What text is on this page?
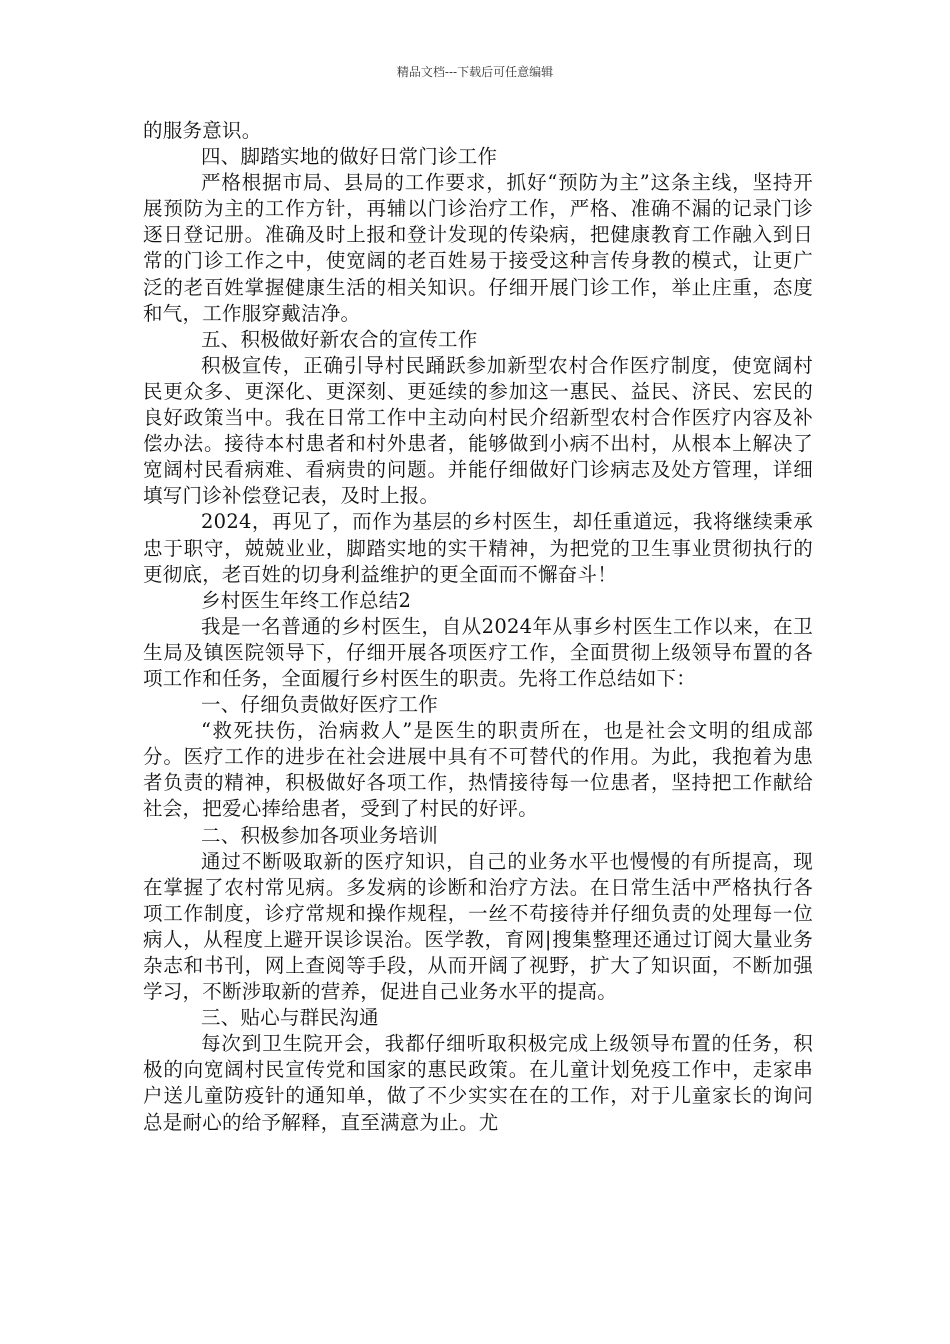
精品文档---下载后可任意编辑

的服务意识。

四、脚踏实地的做好日常门诊工作

严格根据市局、县局的工作要求，抓好“预防为主”这条主线，坚持开展预防为主的工作方针，再辅以门诊治疗工作，严格、准确不漏的记录门诊逐日登记册。准确及时上报和登计发现的传染病，把健康教育工作融入到日常的门诊工作之中，使宽阔的老百姓易于接受这种言传身教的模式，让更广泛的老百姓掌握健康生活的相关知识。仔细开展门诊工作，举止庄重，态度和气，工作服穿戴洁净。

五、积极做好新农合的宣传工作

积极宣传，正确引导村民踊跃参加新型农村合作医疗制度，使宽阔村民更众多、更深化、更深刻、更延续的参加这一惠民、益民、济民、宏民的良好政策当中。我在日常工作中主动向村民介绍新型农村合作医疗内容及补偿办法。接待本村患者和村外患者，能够做到小病不出村，从根本上解决了宽阔村民看病难、看病贵的问题。并能仔细做好门诊病志及处方管理，详细填写门诊补偿登记表，及时上报。

2024，再见了，而作为基层的乡村医生，却任重道远，我将继续秉承忠于职守，兢兢业业，脚踏实地的实干精神，为把党的卫生事业贯彻执行的更彻底，老百姓的切身利益维护的更全面而不懈奋斗！

乡村医生年终工作总结2

我是一名普通的乡村医生，自从2024年从事乡村医生工作以来，在卫生局及镇医院领导下，仔细开展各项医疗工作，全面贯彻上级领导布置的各项工作和任务，全面履行乡村医生的职责。先将工作总结如下：

一、仔细负责做好医疗工作

“救死扶伤，治病救人”是医生的职责所在，也是社会文明的组成部分。医疗工作的进步在社会进展中具有不可替代的作用。为此，我抱着为患者负责的精神，积极做好各项工作，热情接待每一位患者，坚持把工作献给社会，把爱心捧给患者，受到了村民的好评。

二、积极参加各项业务培训

通过不断吸取新的医疗知识，自己的业务水平也慢慢的有所提高，现在掌握了农村常见病。多发病的诊断和治疗方法。在日常生活中严格执行各项工作制度，诊疗常规和操作规程，一丝不苟接待并仔细负责的处理每一位病人，从程度上避开误诊误治。医学教，育网|搜集整理还通过订阅大量业务杂志和书刊，网上查阅等手段，从而开阔了视野，扩大了知识面，不断加强学习，不断涉取新的营养，促进自己业务水平的提高。

三、贴心与群民沟通

每次到卫生院开会，我都仔细听取积极完成上级领导布置的任务，积极的向宽阔村民宣传党和国家的惠民政策。在儿童计划免疫工作中，走家串户送儿童防疫针的通知单，做了不少实实在在的工作，对于儿童家长的询问总是耐心的给予解释，直至满意为止。尤
